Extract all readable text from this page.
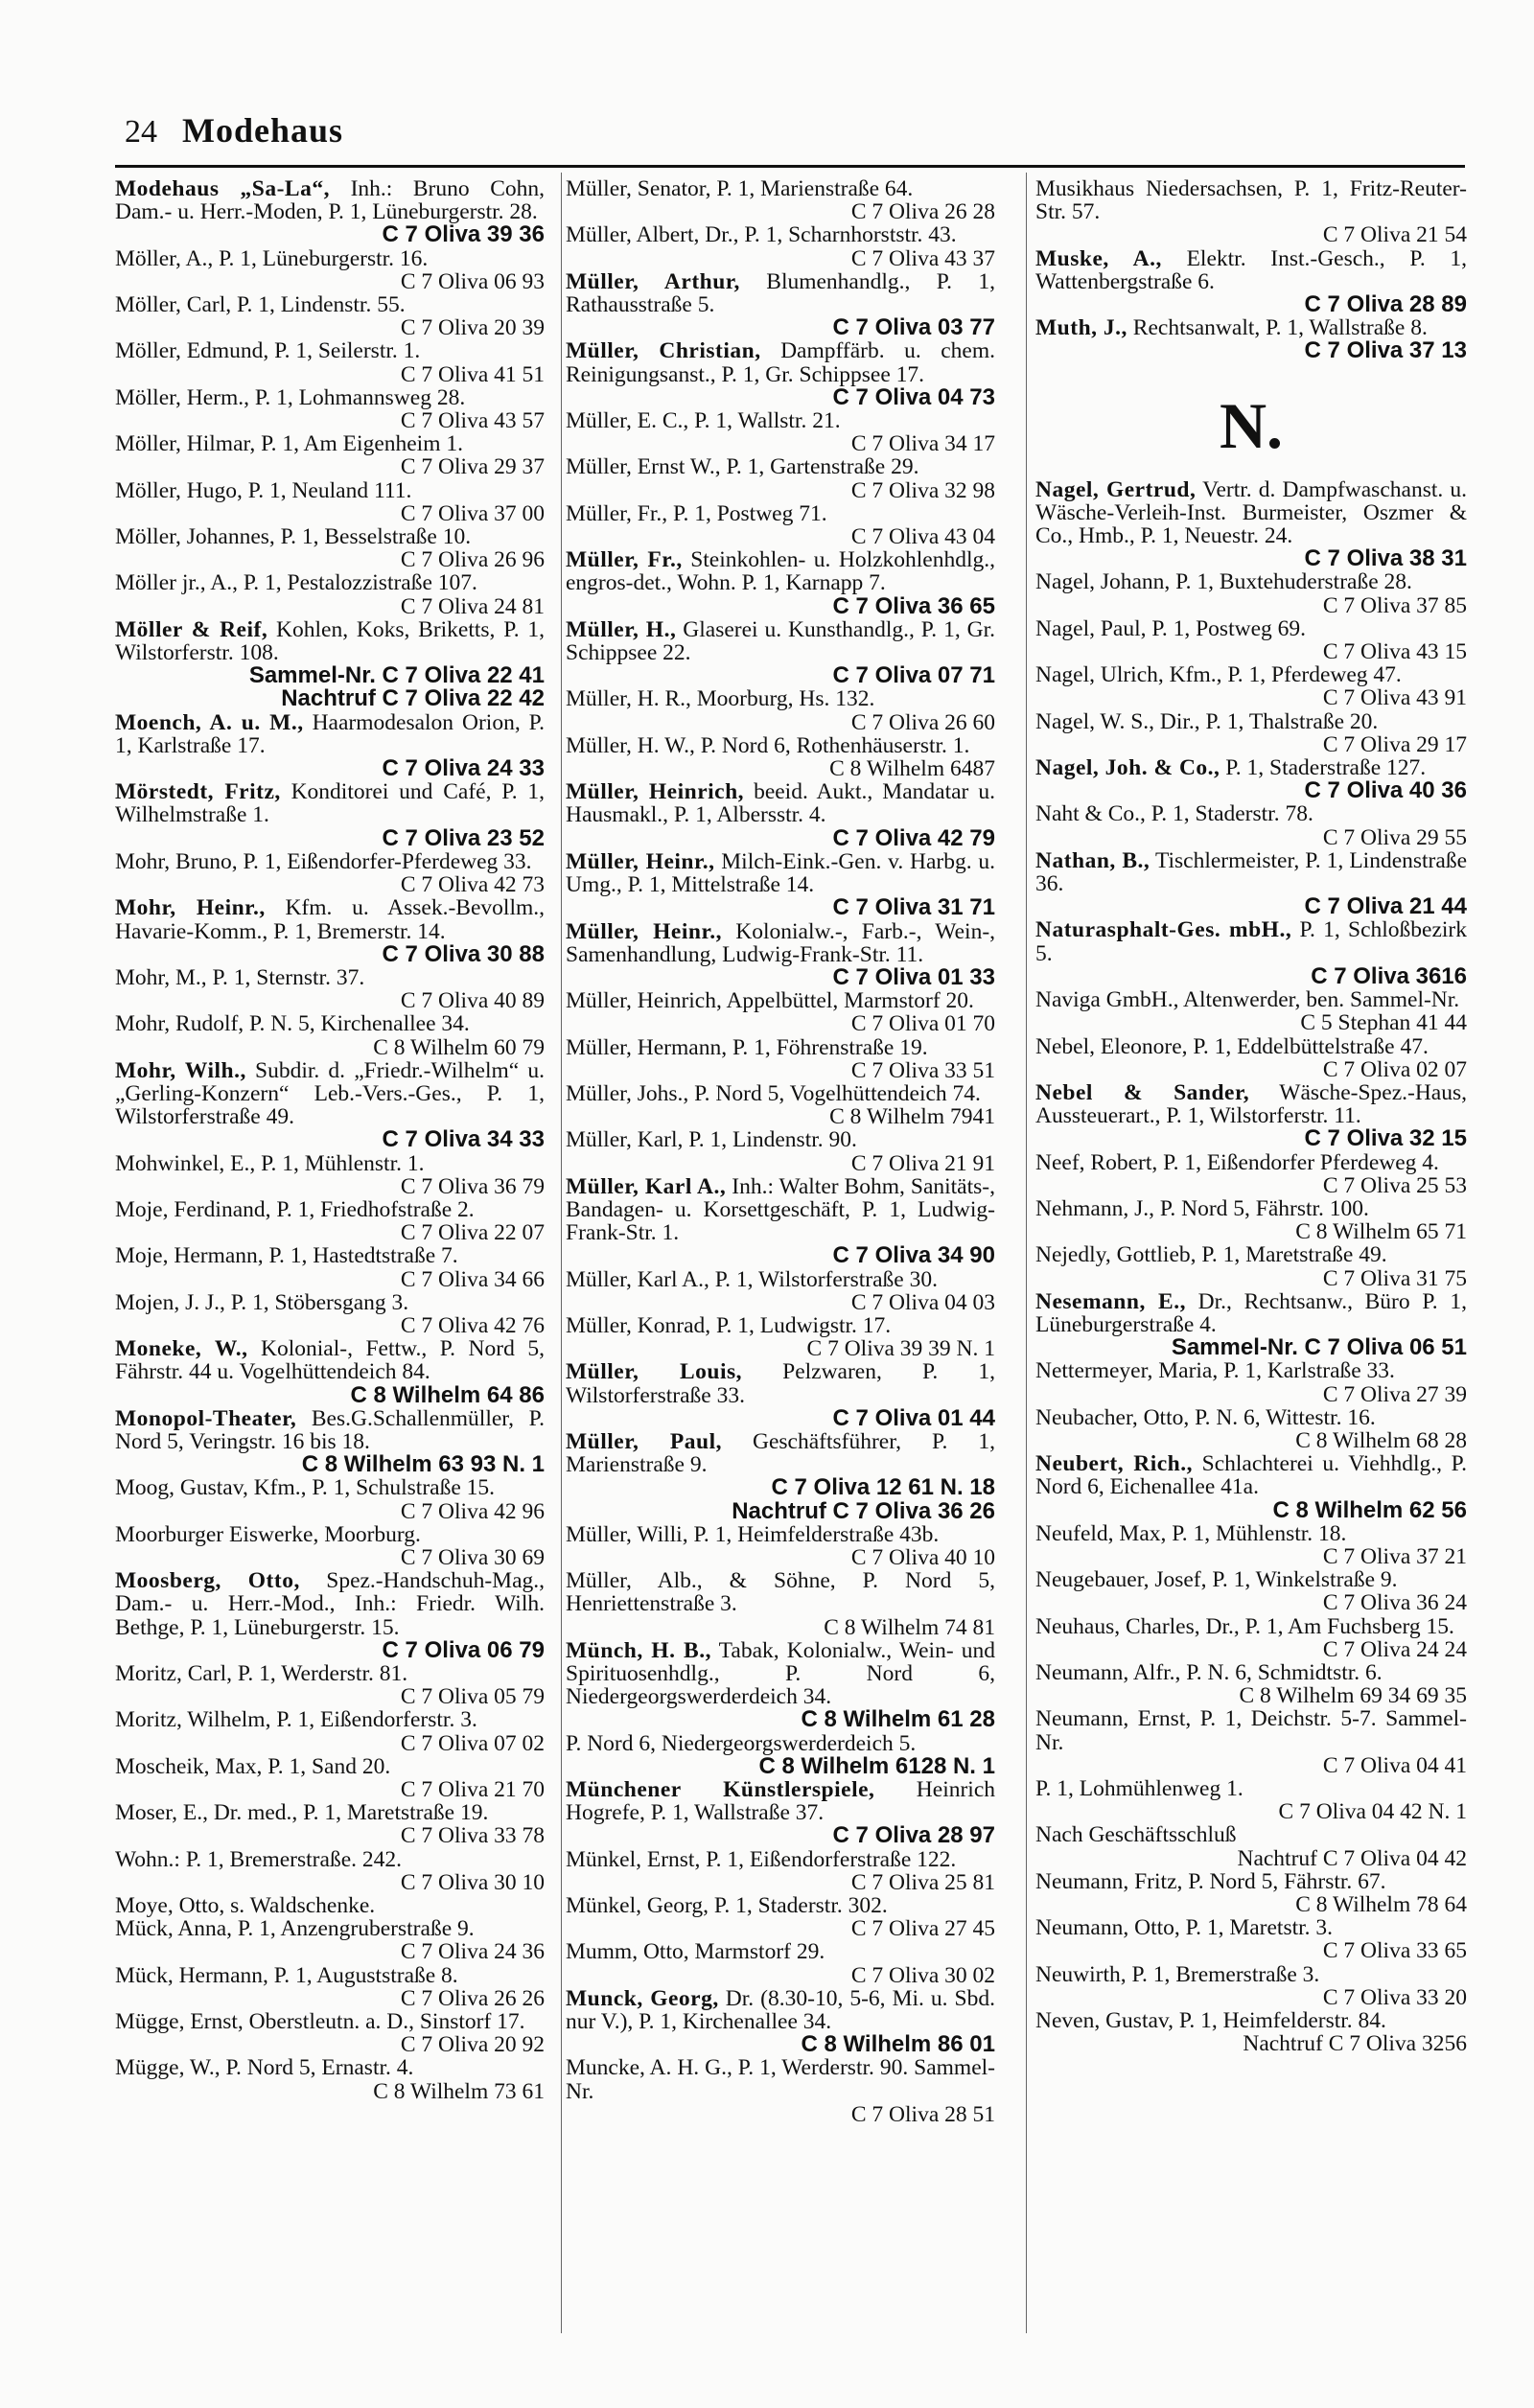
24 Modehaus

Modehaus „Sa-La“, Inh.: Bruno Cohn, Dam.- u. Herr.-Moden, P. 1, Lüneburgerstr. 28.
C 7 Oliva 39 36

Möller, A., P. 1, Lüneburgerstr. 16.
C 7 Oliva 06 93

Möller, Carl, P. 1, Lindenstr. 55.
C 7 Oliva 20 39

Möller, Edmund, P. 1, Seilerstr. 1.
C 7 Oliva 41 51

Möller, Herm., P. 1, Lohmannsweg 28.
C 7 Oliva 43 57

Möller, Hilmar, P. 1, Am Eigenheim 1.
C 7 Oliva 29 37

Möller, Hugo, P. 1, Neuland 111.
C 7 Oliva 37 00

Möller, Johannes, P. 1, Besselstraße 10.
C 7 Oliva 26 96

Möller jr., A., P. 1, Pestalozzistraße 107.
C 7 Oliva 24 81

Möller & Reif, Kohlen, Koks, Briketts, P. 1, Wilstorferstr. 108.
Sammel-Nr. C 7 Oliva 22 41

Nachtruf C 7 Oliva 22 42

Moench, A. u. M., Haarmodesalon Orion, P. 1, Karlstraße 17.
C 7 Oliva 24 33

Mörstedt, Fritz, Konditorei und Café, P. 1, Wilhelmstraße 1.
C 7 Oliva 23 52

Mohr, Bruno, P. 1, Eißendorfer-Pferdeweg 33.
C 7 Oliva 42 73

Mohr, Heinr., Kfm. u. Assek.-Bevollm., Havarie-Komm., P. 1, Bremerstr. 14.
C 7 Oliva 30 88

Mohr, M., P. 1, Sternstr. 37.
C 7 Oliva 40 89

Mohr, Rudolf, P. N. 5, Kirchenallee 34.
C 8 Wilhelm 60 79

Mohr, Wilh., Subdir. d. „Friedr.-Wilhelm“ u. „Gerling-Konzern“ Leb.-Vers.-Ges., P. 1, Wilstorferstraße 49.
C 7 Oliva 34 33

Mohwinkel, E., P. 1, Mühlenstr. 1.
C 7 Oliva 36 79

Moje, Ferdinand, P. 1, Friedhofstraße 2.
C 7 Oliva 22 07

Moje, Hermann, P. 1, Hastedtstraße 7.
C 7 Oliva 34 66

Mojen, J. J., P. 1, Stöbersgang 3.
C 7 Oliva 42 76

Moneke, W., Kolonial-, Fettw., P. Nord 5, Fährstr. 44 u. Vogelhüttendeich 84.
C 8 Wilhelm 64 86

Monopol-Theater, Bes.G.Schallenmüller, P. Nord 5, Veringstr. 16 bis 18.
C 8 Wilhelm 63 93 N. 1

Moog, Gustav, Kfm., P. 1, Schulstraße 15.
C 7 Oliva 42 96

Moorburger Eiswerke, Moorburg.
C 7 Oliva 30 69

Moosberg, Otto, Spez.-Handschuh-Mag., Dam.- u. Herr.-Mod., Inh.: Friedr. Wilh. Bethge, P. 1, Lüneburgerstr. 15.
C 7 Oliva 06 79

Moritz, Carl, P. 1, Werderstr. 81.
C 7 Oliva 05 79

Moritz, Wilhelm, P. 1, Eißendorferstr. 3.
C 7 Oliva 07 02

Moscheik, Max, P. 1, Sand 20.
C 7 Oliva 21 70

Moser, E., Dr. med., P. 1, Maretstraße 19.
C 7 Oliva 33 78

Wohn.: P. 1, Bremerstraße. 242.
C 7 Oliva 30 10

Moye, Otto, s. Waldschenke.

Mück, Anna, P. 1, Anzengruberstraße 9.
C 7 Oliva 24 36

Mück, Hermann, P. 1, Auguststraße 8.
C 7 Oliva 26 26

Mügge, Ernst, Oberstleutn. a. D., Sinstorf 17.
C 7 Oliva 20 92

Mügge, W., P. Nord 5, Ernastr. 4.
C 8 Wilhelm 73 61

Müller, Senator, P. 1, Marienstraße 64.
C 7 Oliva 26 28

Müller, Albert, Dr., P. 1, Scharnhorststr. 43.
C 7 Oliva 43 37

Müller, Arthur, Blumenhandlg., P. 1, Rathausstraße 5.
C 7 Oliva 03 77

Müller, Christian, Dampffärb. u. chem. Reinigungsanst., P. 1, Gr. Schippsee 17.
C 7 Oliva 04 73

Müller, E. C., P. 1, Wallstr. 21.
C 7 Oliva 34 17

Müller, Ernst W., P. 1, Gartenstraße 29.
C 7 Oliva 32 98

Müller, Fr., P. 1, Postweg 71.
C 7 Oliva 43 04

Müller, Fr., Steinkohlen- u. Holzkohlenhdlg., engros-det., Wohn. P. 1, Karnapp 7.
C 7 Oliva 36 65

Müller, H., Glaserei u. Kunsthandlg., P. 1, Gr. Schippsee 22.
C 7 Oliva 07 71

Müller, H. R., Moorburg, Hs. 132.
C 7 Oliva 26 60

Müller, H. W., P. Nord 6, Rothenhäuserstr. 1.
C 8 Wilhelm 6487

Müller, Heinrich, beeid. Aukt., Mandatar u. Hausmakl., P. 1, Albersstr. 4.
C 7 Oliva 42 79

Müller, Heinr., Milch-Eink.-Gen. v. Harbg. u. Umg., P. 1, Mittelstraße 14.
C 7 Oliva 31 71

Müller, Heinr., Kolonialw.-, Farb.-, Wein-, Samenhandlung, Ludwig-Frank-Str. 11.
C 7 Oliva 01 33

Müller, Heinrich, Appelbüttel, Marmstorf 20.
C 7 Oliva 01 70

Müller, Hermann, P. 1, Föhrenstraße 19.
C 7 Oliva 33 51

Müller, Johs., P. Nord 5, Vogelhüttendeich 74.
C 8 Wilhelm 7941

Müller, Karl, P. 1, Lindenstr. 90.
C 7 Oliva 21 91

Müller, Karl A., Inh.: Walter Bohm, Sanitäts-, Bandagen- u. Korsettgeschäft, P. 1, Ludwig-Frank-Str. 1.
C 7 Oliva 34 90

Müller, Karl A., P. 1, Wilstorferstraße 30.
C 7 Oliva 04 03

Müller, Konrad, P. 1, Ludwigstr. 17.
C 7 Oliva 39 39 N. 1

Müller, Louis, Pelzwaren, P. 1, Wilstorferstraße 33.
C 7 Oliva 01 44

Müller, Paul, Geschäftsführer, P. 1, Marienstraße 9.
C 7 Oliva 12 61 N. 18

Nachtruf C 7 Oliva 36 26

Müller, Willi, P. 1, Heimfelderstraße 43b.
C 7 Oliva 40 10

Müller, Alb., & Söhne, P. Nord 5, Henriettenstraße 3.
C 8 Wilhelm 74 81

Münch, H. B., Tabak, Kolonialw., Wein- und Spirituosenhdlg., P. Nord 6, Niedergeorgswerderdeich 34.
C 8 Wilhelm 61 28

P. Nord 6, Niedergeorgswerderdeich 5.
C 8 Wilhelm 6128 N. 1

Münchener Künstlerspiele, Heinrich Hogrefe, P. 1, Wallstraße 37.
C 7 Oliva 28 97

Münkel, Ernst, P. 1, Eißendorferstraße 122.
C 7 Oliva 25 81

Münkel, Georg, P. 1, Staderstr. 302.
C 7 Oliva 27 45

Mumm, Otto, Marmstorf 29.
C 7 Oliva 30 02

Munck, Georg, Dr. (8.30-10, 5-6, Mi. u. Sbd. nur V.), P. 1, Kirchenallee 34.
C 8 Wilhelm 86 01

Muncke, A. H. G., P. 1, Werderstr. 90. Sammel-Nr.
C 7 Oliva 28 51

Musikhaus Niedersachsen, P. 1, Fritz-Reuter-Str. 57.
C 7 Oliva 21 54

Muske, A., Elektr. Inst.-Gesch., P. 1, Wattenbergstraße 6.
C 7 Oliva 28 89

Muth, J., Rechtsanwalt, P. 1, Wallstraße 8.
C 7 Oliva 37 13

N.

Nagel, Gertrud, Vertr. d. Dampfwaschanst. u. Wäsche-Verleih-Inst. Burmeister, Oszmer & Co., Hmb., P. 1, Neuestr. 24.
C 7 Oliva 38 31

Nagel, Johann, P. 1, Buxtehuderstraße 28.
C 7 Oliva 37 85

Nagel, Paul, P. 1, Postweg 69.
C 7 Oliva 43 15

Nagel, Ulrich, Kfm., P. 1, Pferdeweg 47.
C 7 Oliva 43 91

Nagel, W. S., Dir., P. 1, Thalstraße 20.
C 7 Oliva 29 17

Nagel, Joh. & Co., P. 1, Staderstraße 127.
C 7 Oliva 40 36

Naht & Co., P. 1, Staderstr. 78.
C 7 Oliva 29 55

Nathan, B., Tischlermeister, P. 1, Lindenstraße 36.
C 7 Oliva 21 44

Naturasphalt-Ges. mbH., P. 1, Schloßbezirk 5.
C 7 Oliva 3616

Naviga GmbH., Altenwerder, ben. Sammel-Nr.
C 5 Stephan 41 44

Nebel, Eleonore, P. 1, Eddelbüttelstraße 47.
C 7 Oliva 02 07

Nebel & Sander, Wäsche-Spez.-Haus, Aussteuerart., P. 1, Wilstorferstr. 11.
C 7 Oliva 32 15

Neef, Robert, P. 1, Eißendorfer Pferdeweg 4.
C 7 Oliva 25 53

Nehmann, J., P. Nord 5, Fährstr. 100.
C 8 Wilhelm 65 71

Nejedly, Gottlieb, P. 1, Maretstraße 49.
C 7 Oliva 31 75

Nesemann, E., Dr., Rechtsanw., Büro P. 1, Lüneburgerstraße 4.
Sammel-Nr. C 7 Oliva 06 51

Nettermeyer, Maria, P. 1, Karlstraße 33.
C 7 Oliva 27 39

Neubacher, Otto, P. N. 6, Wittestr. 16.
C 8 Wilhelm 68 28

Neubert, Rich., Schlachterei u. Viehhdlg., P. Nord 6, Eichenallee 41a.
C 8 Wilhelm 62 56

Neufeld, Max, P. 1, Mühlenstr. 18.
C 7 Oliva 37 21

Neugebauer, Josef, P. 1, Winkelstraße 9.
C 7 Oliva 36 24

Neuhaus, Charles, Dr., P. 1, Am Fuchsberg 15.
C 7 Oliva 24 24

Neumann, Alfr., P. N. 6, Schmidtstr. 6.
C 8 Wilhelm 69 34 69 35

Neumann, Ernst, P. 1, Deichstr. 5-7. Sammel-Nr.
C 7 Oliva 04 41

P. 1, Lohmühlenweg 1.
C 7 Oliva 04 42 N. 1

Nach Geschäftsschluß
Nachtruf C 7 Oliva 04 42

Neumann, Fritz, P. Nord 5, Fährstr. 67.
C 8 Wilhelm 78 64

Neumann, Otto, P. 1, Maretstr. 3.
C 7 Oliva 33 65

Neuwirth, P. 1, Bremerstraße 3.
C 7 Oliva 33 20

Neven, Gustav, P. 1, Heimfelderstr. 84.
Nachtruf C 7 Oliva 3256
